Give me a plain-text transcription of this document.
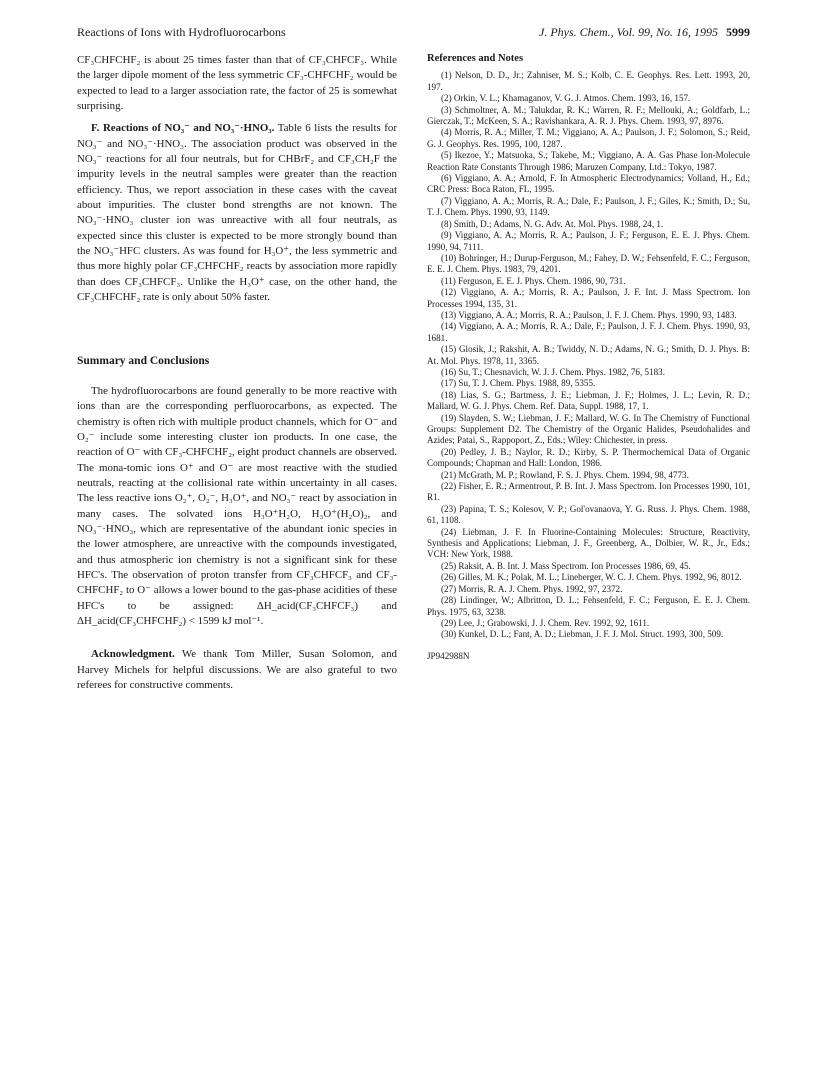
Reactions of Ions with Hydrofluorocarbons	J. Phys. Chem., Vol. 99, No. 16, 1995 5999

CF₃CHFCHF₂ is about 25 times faster than that of CF₃CHFCF₃. While the larger dipole moment of the less symmetric CF₃-CHFCHF₂ would be expected to lead to a larger association rate, the factor of 25 is somewhat surprising.

F. Reactions of NO₃⁻ and NO₃⁻·HNO₃. Table 6 lists the results for NO₃⁻ and NO₃⁻·HNO₃. The association product was observed in the NO₃⁻ reactions for all four neutrals, but for CHBrF₂ and CF₃CH₂F the impurity levels in the neutral samples were greater than the reaction efficiency. Thus, we report association in these cases with the caveat about impurities. The cluster bond strengths are not known. The NO₃⁻·HNO₃ cluster ion was unreactive with all four neutrals, as expected since this cluster is expected to be more strongly bound than the NO₃⁻HFC clusters. As was found for H₃O⁺, the less symmetric and thus more highly polar CF₃CHFCHF₂ reacts by association more rapidly than does CF₃CHFCF₃. Unlike the H₃O⁺ case, on the other hand, the CF₃CHFCHF₂ rate is only about 50% faster.

Summary and Conclusions

The hydrofluorocarbons are found generally to be more reactive with ions than are the corresponding perfluorocarbons, as expected. The chemistry is often rich with multiple product channels, which for O⁻ and O₂⁻ include some interesting cluster ion products. In one case, the reaction of O⁻ with CF₃-CHFCHF₂, eight product channels are observed. The mona-tomic ions O⁺ and O⁻ are most reactive with the studied neutrals, reacting at the collisional rate within uncertainty in all cases. The less reactive ions O₂⁺, O₂⁻, H₃O⁺, and NO₃⁻ react by association in many cases. The solvated ions H₃O⁺H₂O, H₃O⁺(H₂O)₂, and NO₃⁻·HNO₃, which are representative of the abundant ionic species in the lower atmosphere, are unreactive with the compounds investigated, and thus atmospheric ion chemistry is not a significant sink for these HFC's. The observation of proton transfer from CF₃CHFCF₃ and CF₃-CHFCHF₂ to O⁻ allows a lower bound to the gas-phase acidities of these HFC's to be assigned: ΔH_acid(CF₃CHFCF₃) and ΔH_acid(CF₃CHFCHF₂) < 1599 kJ mol⁻¹.

Acknowledgment. We thank Tom Miller, Susan Solomon, and Harvey Michels for helpful discussions. We are also grateful to two referees for constructive comments.

References and Notes

(1) Nelson, D. D., Jr.; Zahniser, M. S.; Kolb, C. E. Geophys. Res. Lett. 1993, 20, 197.

(2) Orkin, V. L.; Khamaganov, V. G. J. Atmos. Chem. 1993, 16, 157.

(3) Schmoltner, A. M.; Talukdar, R. K.; Warren, R. F.; Mellouki, A.; Goldfarb, L.; Gierczak, T.; McKeen, S. A.; Ravishankara, A. R. J. Phys. Chem. 1993, 97, 8976.

(4) Morris, R. A.; Miller, T. M.; Viggiano, A. A.; Paulson, J. F.; Solomon, S.; Reid, G. J. Geophys. Res. 1995, 100, 1287.

(5) Ikezoe, Y.; Matsuoka, S.; Takebe, M.; Viggiano, A. A. Gas Phase Ion-Molecule Reaction Rate Constants Through 1986; Maruzen Company, Ltd.: Tokyo, 1987.

(6) Viggiano, A. A.; Arnold, F. In Atmospheric Electrodynamics; Volland, H., Ed.; CRC Press: Boca Raton, FL, 1995.

(7) Viggiano, A. A.; Morris, R. A.; Dale, F.; Paulson, J. F.; Giles, K.; Smith, D.; Su, T. J. Chem. Phys. 1990, 93, 1149.

(8) Smith, D.; Adams, N. G. Adv. At. Mol. Phys. 1988, 24, 1.

(9) Viggiano, A. A.; Morris, R. A.; Paulson, J. F.; Ferguson, E. E. J. Phys. Chem. 1990, 94, 7111.

(10) Bohringer, H.; Durup-Ferguson, M.; Fahey, D. W.; Fehsenfeld, F. C.; Ferguson, E. E. J. Chem. Phys. 1983, 79, 4201.

(11) Ferguson, E. E. J. Phys. Chem. 1986, 90, 731.

(12) Viggiano, A. A.; Morris, R. A.; Paulson, J. F. Int. J. Mass Spectrom. Ion Processes 1994, 135, 31.

(13) Viggiano, A. A.; Morris, R. A.; Paulson, J. F. J. Chem. Phys. 1990, 93, 1483.

(14) Viggiano, A. A.; Morris, R. A.; Dale, F.; Paulson, J. F. J. Chem. Phys. 1990, 93, 1681.

(15) Glosik, J.; Rakshit, A. B.; Twiddy, N. D.; Adams, N. G.; Smith, D. J. Phys. B: At. Mol. Phys. 1978, 11, 3365.

(16) Su, T.; Chesnavich, W. J. J. Chem. Phys. 1982, 76, 5183.

(17) Su, T. J. Chem. Phys. 1988, 89, 5355.

(18) Lias, S. G.; Bartmess, J. E.; Liebman, J. F.; Holmes, J. L.; Levin, R. D.; Mallard, W. G. J. Phys. Chem. Ref. Data, Suppl. 1988, 17, 1.

(19) Slayden, S. W.; Liebman, J. F.; Mallard, W. G. In The Chemistry of Functional Groups: Supplement D2. The Chemistry of the Organic Halides, Pseudohalides and Azides; Patai, S., Rappoport, Z., Eds.; Wiley: Chichester, in press.

(20) Pedley, J. B.; Naylor, R. D.; Kirby, S. P. Thermochemical Data of Organic Compounds; Chapman and Hall: London, 1986.

(21) McGrath, M. P.; Rowland, F. S. J. Phys. Chem. 1994, 98, 4773.

(22) Fisher, E. R.; Armentrout, P. B. Int. J. Mass Spectrom. Ion Processes 1990, 101, R1.

(23) Papina, T. S.; Kolesov, V. P.; Gol'ovanaova, Y. G. Russ. J. Phys. Chem. 1988, 61, 1108.

(24) Liebman, J. F. In Fluorine-Containing Molecules: Structure, Reactivity, Synthesis and Applications; Liebman, J. F., Greenberg, A., Dolbier, W. R., Jr., Eds.; VCH: New York, 1988.

(25) Raksit, A. B. Int. J. Mass Spectrom. Ion Processes 1986, 69, 45.

(26) Gilles, M. K.; Polak, M. L.; Lineberger, W. C. J. Chem. Phys. 1992, 96, 8012.

(27) Morris, R. A. J. Chem. Phys. 1992, 97, 2372.

(28) Lindinger, W.; Albritton, D. L.; Fehsenfeld, F. C.; Ferguson, E. E. J. Chem. Phys. 1975, 63, 3238.

(29) Lee, J.; Grabowski, J. J. Chem. Rev. 1992, 92, 1611.

(30) Kunkel, D. L.; Fant, A. D.; Liebman, J. F. J. Mol. Struct. 1993, 300, 509.

JP942988N
